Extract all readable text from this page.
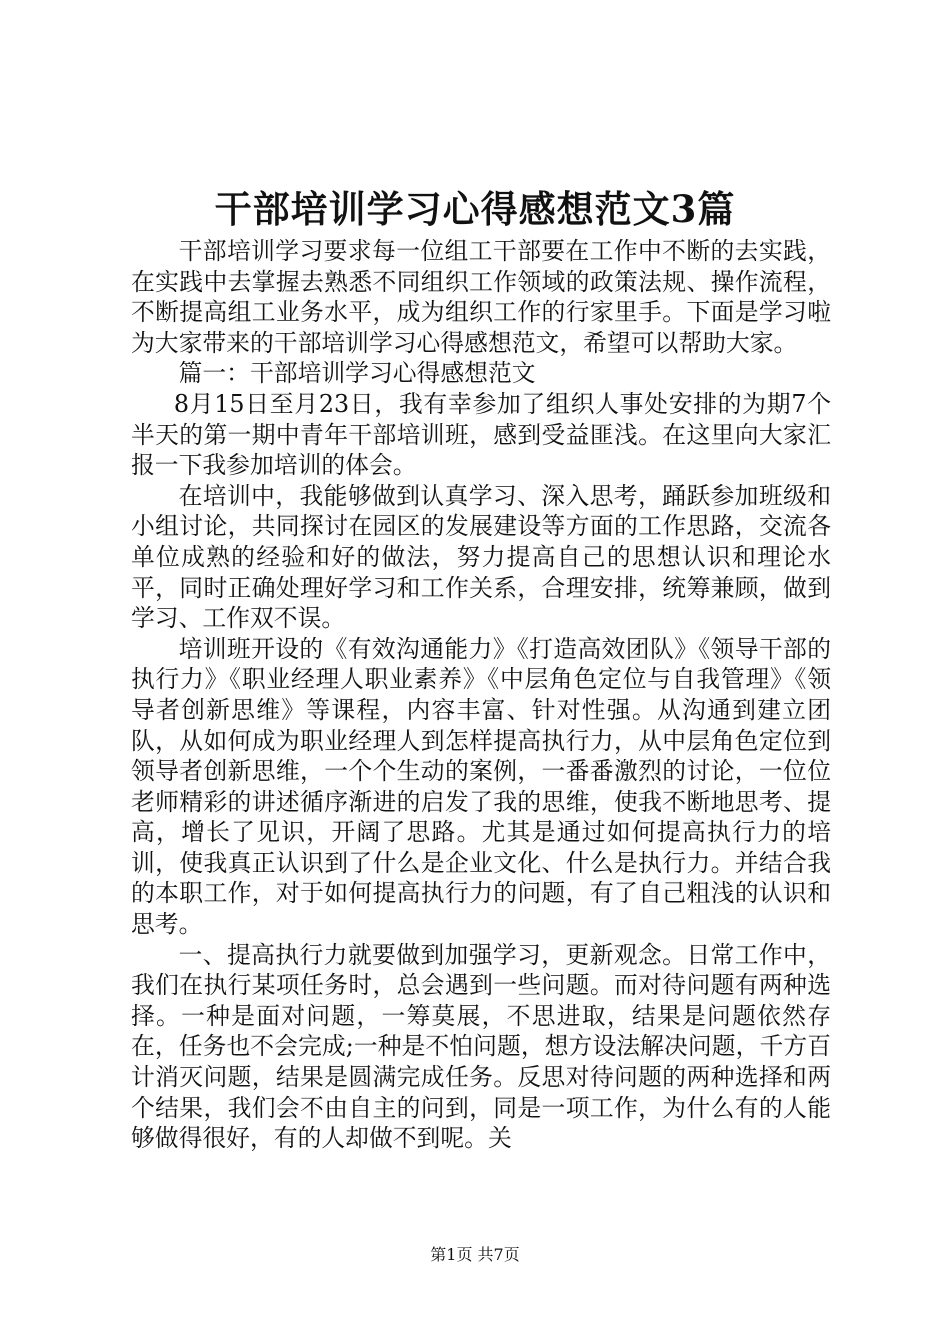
干部培训学习心得感想范文3篇

干部培训学习要求每一位组工干部要在工作中不断的去实践，在实践中去掌握去熟悉不同组织工作领域的政策法规、操作流程，不断提高组工业务水平，成为组织工作的行家里手。下面是学习啦为大家带来的干部培训学习心得感想范文，希望可以帮助大家。

篇一：干部培训学习心得感想范文

8月15日至月23日，我有幸参加了组织人事处安排的为期7个半天的第一期中青年干部培训班，感到受益匪浅。在这里向大家汇报一下我参加培训的体会。

在培训中，我能够做到认真学习、深入思考，踊跃参加班级和小组讨论，共同探讨在园区的发展建设等方面的工作思路，交流各单位成熟的经验和好的做法，努力提高自己的思想认识和理论水平，同时正确处理好学习和工作关系，合理安排，统筹兼顾，做到学习、工作双不误。

培训班开设的《有效沟通能力》《打造高效团队》《领导干部的执行力》《职业经理人职业素养》《中层角色定位与自我管理》《领导者创新思维》等课程，内容丰富、针对性强。从沟通到建立团队，从如何成为职业经理人到怎样提高执行力，从中层角色定位到领导者创新思维，一个个生动的案例，一番番激烈的讨论，一位位老师精彩的讲述循序渐进的启发了我的思维，使我不断地思考、提高，增长了见识，开阔了思路。尤其是通过如何提高执行力的培训，使我真正认识到了什么是企业文化、什么是执行力。并结合我的本职工作，对于如何提高执行力的问题，有了自己粗浅的认识和思考。

一、提高执行力就要做到加强学习，更新观念。日常工作中，我们在执行某项任务时，总会遇到一些问题。而对待问题有两种选择。一种是面对问题，一筹莫展，不思进取，结果是问题依然存在，任务也不会完成;一种是不怕问题，想方设法解决问题，千方百计消灭问题，结果是圆满完成任务。反思对待问题的两种选择和两个结果，我们会不由自主的问到，同是一项工作，为什么有的人能够做得很好，有的人却做不到呢。关

第1页 共7页
